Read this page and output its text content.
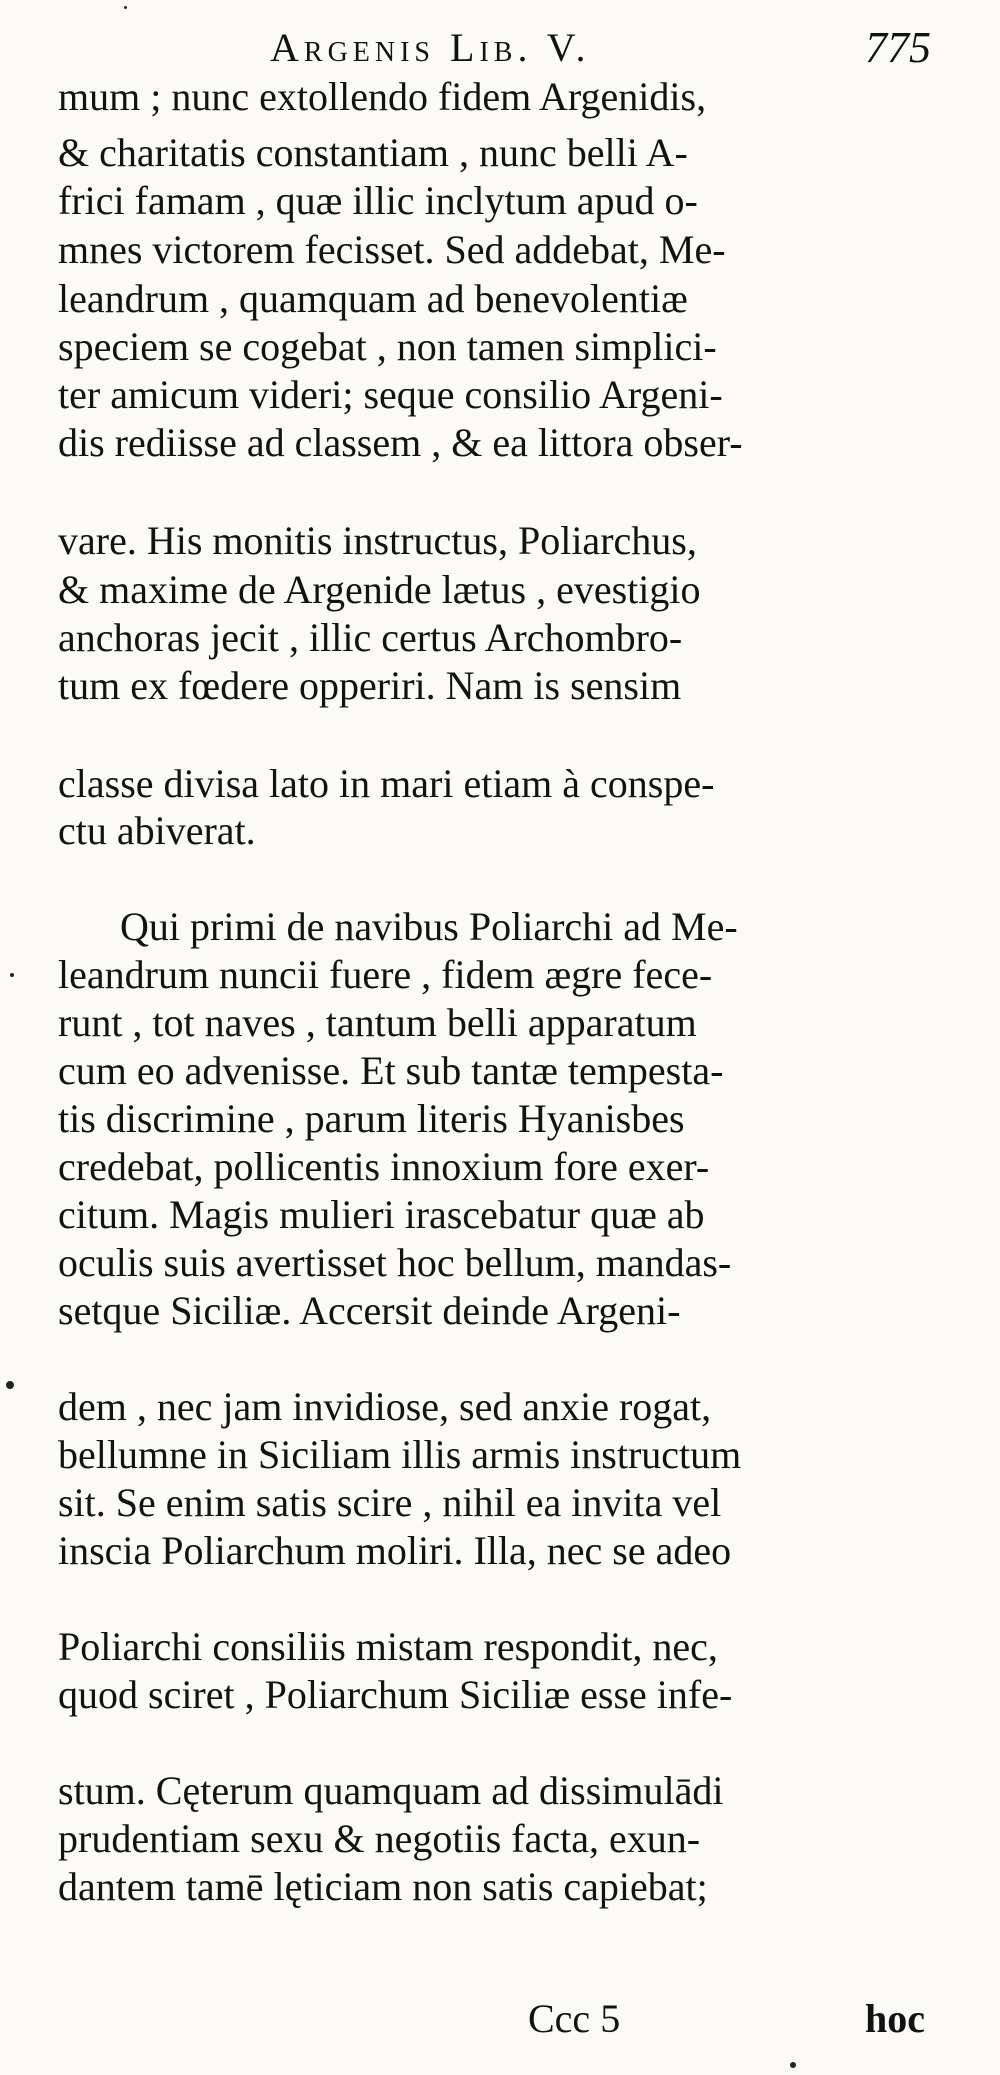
Argenis Lib. V.	775
mum ; nunc extollendo fidem Argenidis,
& charitatis constantiam , nunc belli A-
frici famam , quæ illic inclytum apud o-
mnes victorem fecisset. Sed addebat, Me-
leandrum , quamquam ad benevolentiæ
speciem se cogebat , non tamen simplici-
ter amicum videri; seque consilio Argeni-
dis rediisse ad classem , & ea littora obser-
vare. His monitis instructus, Poliarchus,
& maxime de Argenide lætus , evestigio
anchoras jecit , illic certus Archombro-
tum ex fœdere opperiri. Nam is sensim
classe divisa lato in mari etiam à conspe-
ctu abiverat.
Qui primi de navibus Poliarchi ad Me-
leandrum nuncii fuere , fidem ægre fece-
runt , tot naves , tantum belli apparatum
cum eo advenisse. Et sub tantæ tempesta-
tis discrimine , parum literis Hyanisbes
credebat, pollicentis innoxium fore exer-
citum. Magis mulieri irascebatur quæ ab
oculis suis avertisset hoc bellum, mandas-
setque Siciliæ. Accersit deinde Argeni-
dem , nec jam invidiose, sed anxie rogat,
bellumne in Siciliam illis armis instructum
sit. Se enim satis scire , nihil ea invita vel
inscia Poliarchum moliri. Illa, nec se adeo
Poliarchi consiliis mistam respondit, nec,
quod sciret , Poliarchum Siciliæ esse infe-
stum. Cęterum quamquam ad dissimulādi
prudentiam sexu & negotiis facta, exun-
dantem tamē lęticiam non satis capiebat;
Ccc 5	hoc
